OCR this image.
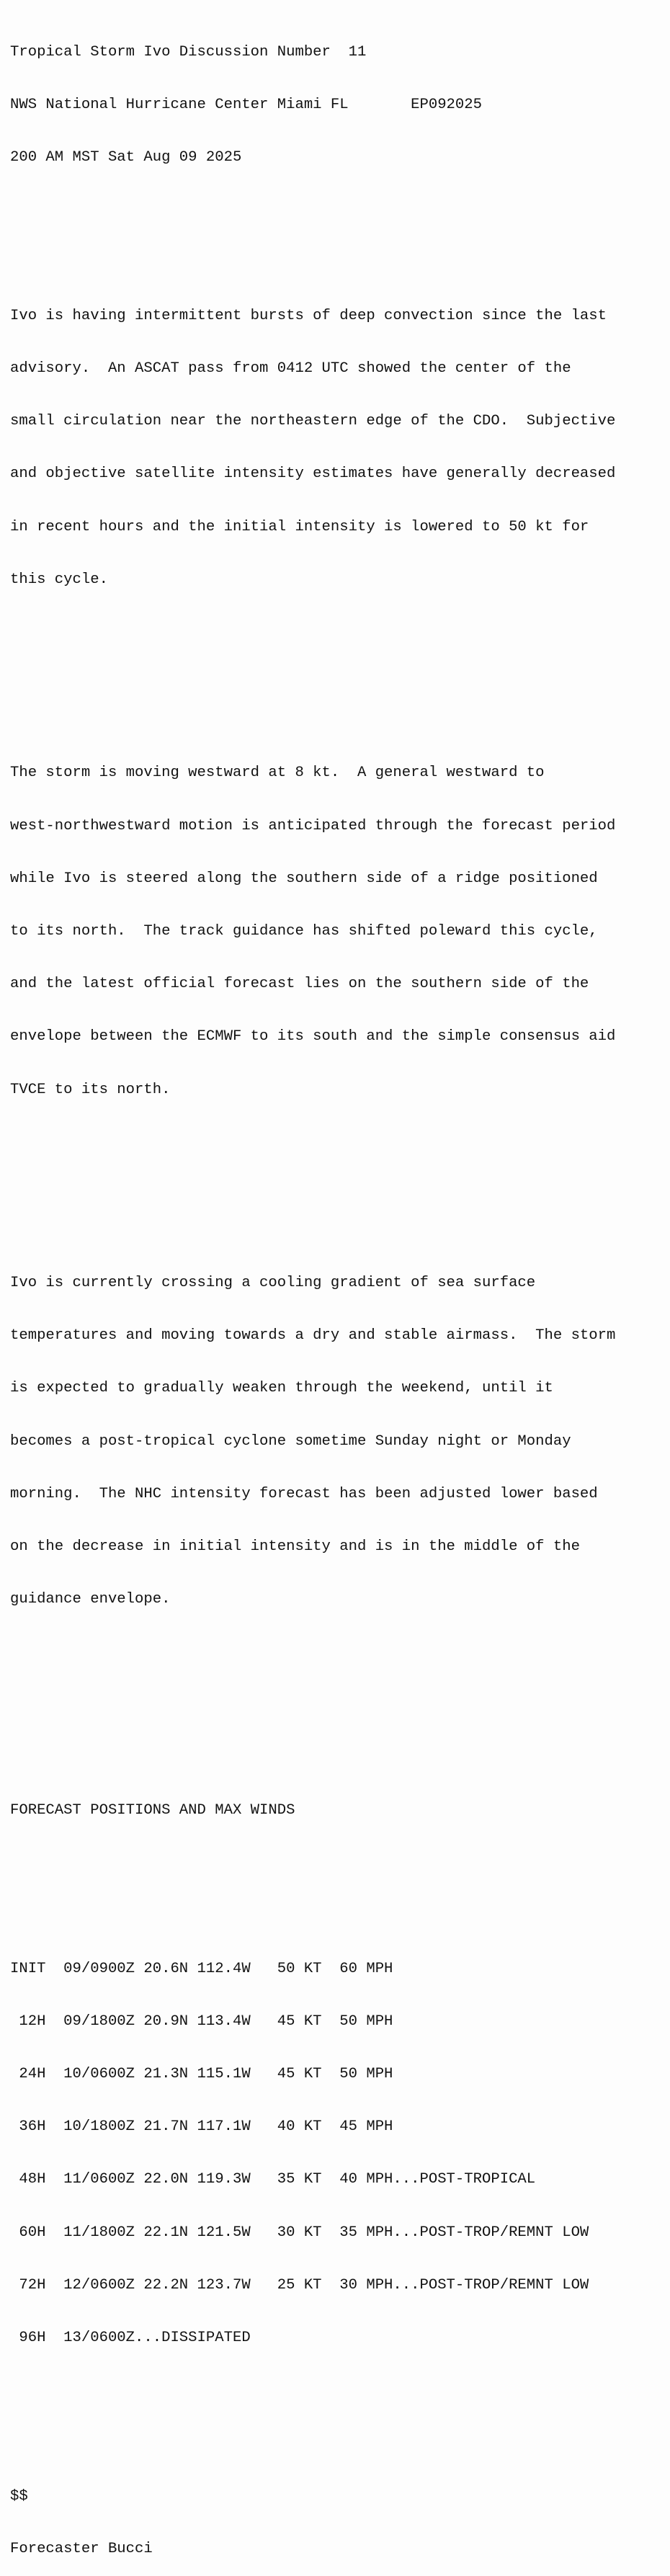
Tropical Storm Ivo Discussion Number  11

NWS National Hurricane Center Miami FL       EP092025

200 AM MST Sat Aug 09 2025

Ivo is having intermittent bursts of deep convection since the last

advisory.  An ASCAT pass from 0412 UTC showed the center of the

small circulation near the northeastern edge of the CDO.  Subjective

and objective satellite intensity estimates have generally decreased

in recent hours and the initial intensity is lowered to 50 kt for

this cycle.

The storm is moving westward at 8 kt.  A general westward to

west-northwestward motion is anticipated through the forecast period

while Ivo is steered along the southern side of a ridge positioned

to its north.  The track guidance has shifted poleward this cycle,

and the latest official forecast lies on the southern side of the

envelope between the ECMWF to its south and the simple consensus aid

TVCE to its north.

Ivo is currently crossing a cooling gradient of sea surface

temperatures and moving towards a dry and stable airmass.  The storm

is expected to gradually weaken through the weekend, until it

becomes a post-tropical cyclone sometime Sunday night or Monday

morning.  The NHC intensity forecast has been adjusted lower based

on the decrease in initial intensity and is in the middle of the

guidance envelope.

FORECAST POSITIONS AND MAX WINDS

INIT  09/0900Z 20.6N 112.4W   50 KT  60 MPH

12H  09/1800Z 20.9N 113.4W   45 KT  50 MPH

24H  10/0600Z 21.3N 115.1W   45 KT  50 MPH

36H  10/1800Z 21.7N 117.1W   40 KT  45 MPH

48H  11/0600Z 22.0N 119.3W   35 KT  40 MPH...POST-TROPICAL

60H  11/1800Z 22.1N 121.5W   30 KT  35 MPH...POST-TROP/REMNT LOW

72H  12/0600Z 22.2N 123.7W   25 KT  30 MPH...POST-TROP/REMNT LOW

96H  13/0600Z...DISSIPATED

$$

Forecaster Bucci
